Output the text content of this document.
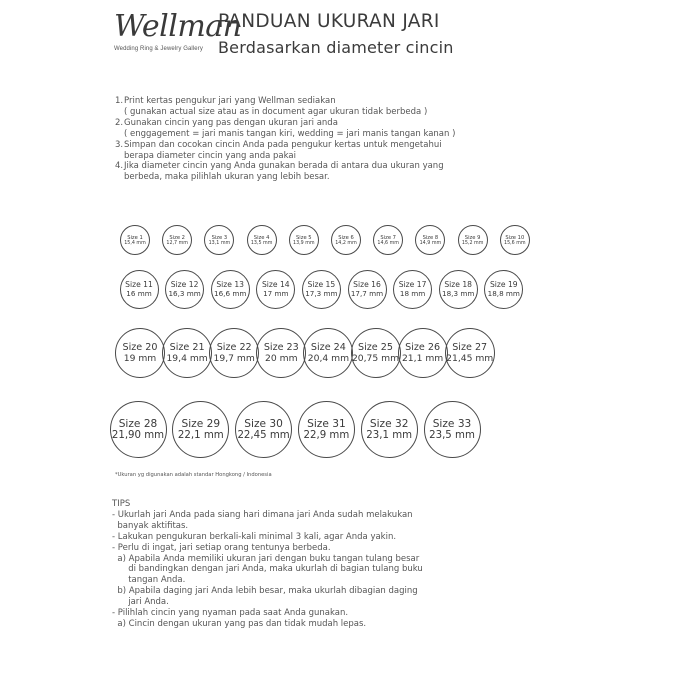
Wellman
Wedding Ring & Jewelry Gallery
PANDUAN UKURAN JARI
Berdasarkan diameter cincin
1. Print kertas pengukur jari yang Wellman sediakan
( gunakan actual size atau as in document agar ukuran tidak berbeda )
2. Gunakan cincin yang pas dengan ukuran jari anda
( enggagement = jari manis tangan kiri, wedding = jari manis tangan kanan )
3. Simpan dan cocokan cincin Anda pada pengukur kertas untuk mengetahui
berapa diameter cincin yang anda pakai
4. Jika diameter cincin yang Anda gunakan berada di antara dua ukuran yang
berbeda, maka pilihlah ukuran yang lebih besar.
Size 1
15,4 mm
Size 2
12,7 mm
Size 3
13,1 mm
Size 4
13,5 mm
Size 5
13,9 mm
Size 6
14,2 mm
Size 7
14,6 mm
Size 8
14,9 mm
Size 9
15,2 mm
Size 10
15,6 mm
Size 11
16 mm
Size 12
16,3 mm
Size 13
16,6 mm
Size 14
17 mm
Size 15
17,3 mm
Size 16
17,7 mm
Size 17
18 mm
Size 18
18,3 mm
Size 19
18,8 mm
Size 20
19 mm
Size 21
19,4 mm
Size 22
19,7 mm
Size 23
20 mm
Size 24
20,4 mm
Size 25
20,75 mm
Size 26
21,1 mm
Size 27
21,45 mm
Size 28
21,90 mm
Size 29
22,1 mm
Size 30
22,45 mm
Size 31
22,9 mm
Size 32
23,1 mm
Size 33
23,5 mm
*Ukuran yg digunakan adalah standar Hongkong / Indonesia
TIPS
- Ukurlah jari Anda pada siang hari dimana jari Anda sudah melakukan
banyak aktifitas.
- Lakukan pengukuran berkali-kali minimal 3 kali, agar Anda yakin.
- Perlu di ingat, jari setiap orang tentunya berbeda.
a) Apabila Anda memiliki ukuran jari dengan buku tangan tulang besar
di bandingkan dengan jari Anda, maka ukurlah di bagian tulang buku
tangan Anda.
b) Apabila daging jari Anda lebih besar, maka ukurlah dibagian daging
jari Anda.
- Pilihlah cincin yang nyaman pada saat Anda gunakan.
a) Cincin dengan ukuran yang pas dan tidak mudah lepas.
